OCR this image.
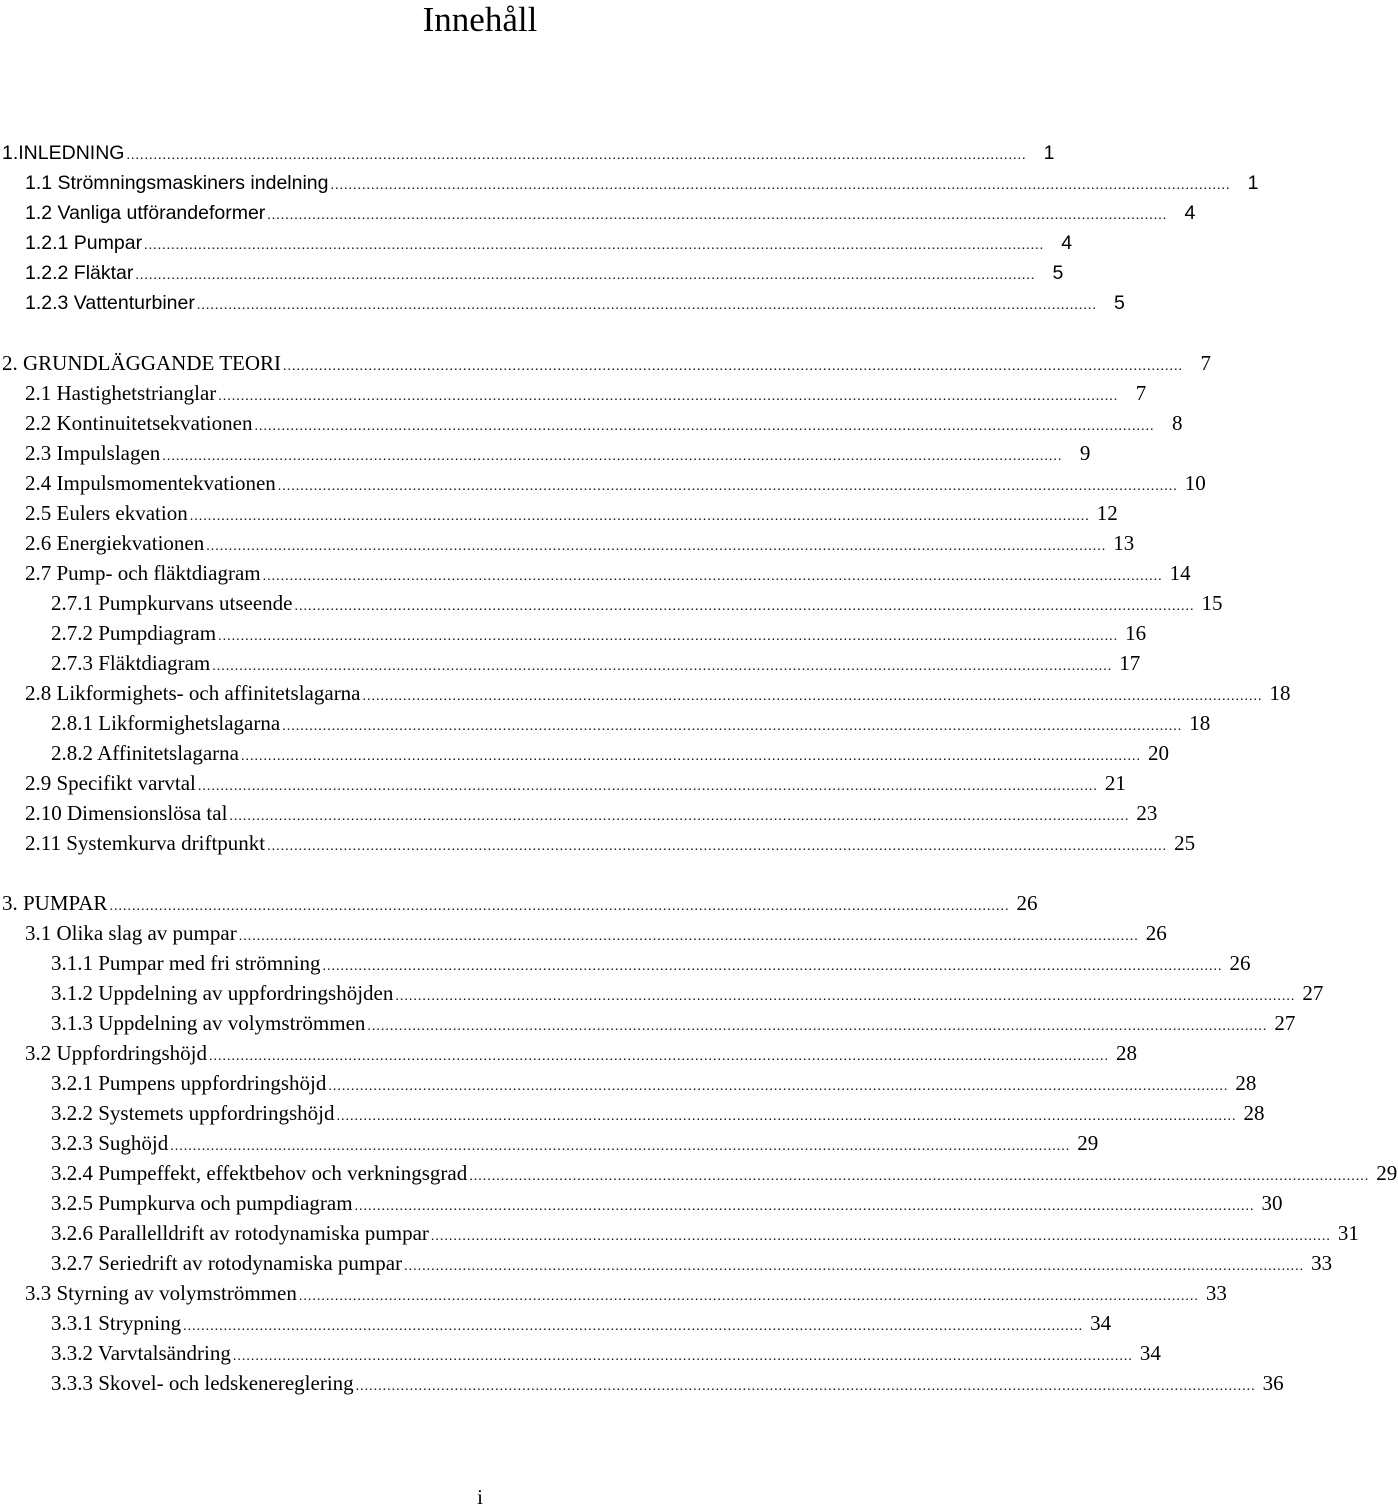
Innehåll
1.INLEDNING ........................................................................................................................................................................................................ 1
1.1 Strömningsmaskiners indelning ........................................................................................................................................................................................................ 1
1.2 Vanliga utförandeformer ........................................................................................................................................................................................................ 4
1.2.1 Pumpar ........................................................................................................................................................................................................ 4
1.2.2 Fläktar ........................................................................................................................................................................................................ 5
1.2.3 Vattenturbiner ........................................................................................................................................................................................................ 5
2. GRUNDLÄGGANDE TEORI ........................................................................................................................................................................................................ 7
2.1 Hastighetstrianglar ........................................................................................................................................................................................................ 7
2.2 Kontinuitetsekvationen ........................................................................................................................................................................................................ 8
2.3 Impulslagen ........................................................................................................................................................................................................ 9
2.4 Impulsmomentekvationen ........................................................................................................................................................................................................ 10
2.5 Eulers ekvation ........................................................................................................................................................................................................ 12
2.6 Energiekvationen ........................................................................................................................................................................................................ 13
2.7 Pump- och fläktdiagram ........................................................................................................................................................................................................ 14
2.7.1 Pumpkurvans utseende ........................................................................................................................................................................................................ 15
2.7.2 Pumpdiagram ........................................................................................................................................................................................................ 16
2.7.3 Fläktdiagram ........................................................................................................................................................................................................ 17
2.8 Likformighets- och affinitetslagarna ........................................................................................................................................................................................................ 18
2.8.1 Likformighetslagarna ........................................................................................................................................................................................................ 18
2.8.2 Affinitetslagarna ........................................................................................................................................................................................................ 20
2.9 Specifikt varvtal ........................................................................................................................................................................................................ 21
2.10 Dimensionslösa tal ........................................................................................................................................................................................................ 23
2.11 Systemkurva driftpunkt ........................................................................................................................................................................................................ 25
3. PUMPAR ........................................................................................................................................................................................................ 26
3.1 Olika slag av pumpar ........................................................................................................................................................................................................ 26
3.1.1 Pumpar med fri strömning ........................................................................................................................................................................................................ 26
3.1.2 Uppdelning av uppfordringshöjden ........................................................................................................................................................................................................ 27
3.1.3 Uppdelning av volymströmmen ........................................................................................................................................................................................................ 27
3.2 Uppfordringshöjd ........................................................................................................................................................................................................ 28
3.2.1 Pumpens uppfordringshöjd ........................................................................................................................................................................................................ 28
3.2.2 Systemets uppfordringshöjd ........................................................................................................................................................................................................ 28
3.2.3 Sughöjd ........................................................................................................................................................................................................ 29
3.2.4 Pumpeffekt, effektbehov och verkningsgrad ........................................................................................................................................................................................................ 29
3.2.5 Pumpkurva och pumpdiagram ........................................................................................................................................................................................................ 30
3.2.6 Parallelldrift av rotodynamiska pumpar ........................................................................................................................................................................................................ 31
3.2.7 Seriedrift av rotodynamiska pumpar ........................................................................................................................................................................................................ 33
3.3 Styrning av volymströmmen ........................................................................................................................................................................................................ 33
3.3.1 Strypning ........................................................................................................................................................................................................ 34
3.3.2 Varvtalsändring ........................................................................................................................................................................................................ 34
3.3.3 Skovel- och ledskenereglering ........................................................................................................................................................................................................ 36
i
